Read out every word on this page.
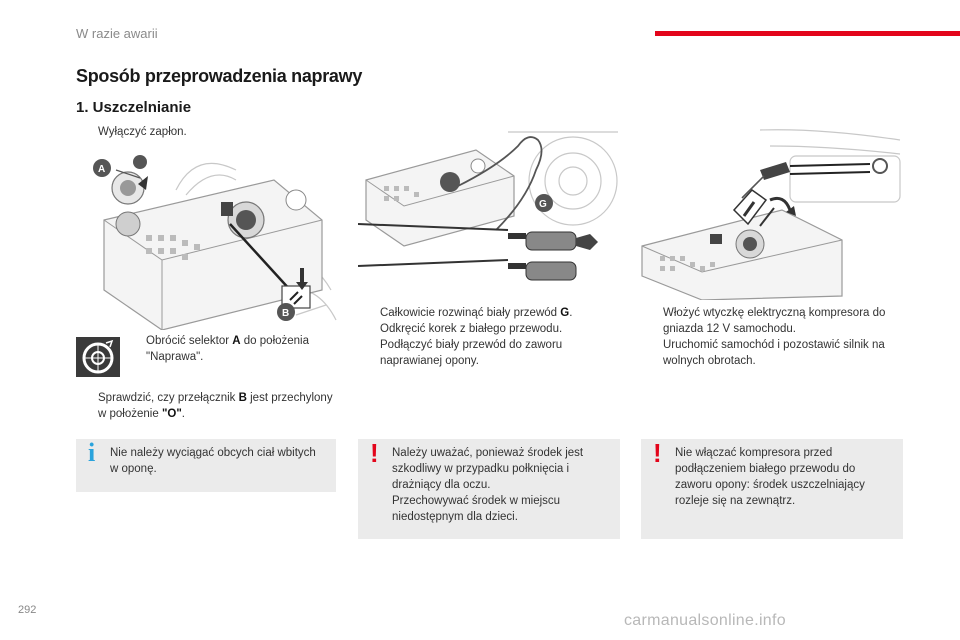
W razie awarii
Sposób przeprowadzenia naprawy
1. Uszczelnianie
Wyłączyć zapłon.
A
B
Obrócić selektor A do położenia "Naprawa".
Sprawdzić, czy przełącznik B jest przechylony w położenie "O".
i Nie należy wyciągać obcych ciał wbitych w oponę.
G
Całkowicie rozwinąć biały przewód G.
Odkręcić korek z białego przewodu.
Podłączyć biały przewód do zaworu naprawianej opony.
! Należy uważać, ponieważ środek jest szkodliwy w przypadku połknięcia i drażniący dla oczu.
Przechowywać środek w miejscu niedostępnym dla dzieci.
Włożyć wtyczkę elektryczną kompresora do gniazda 12 V samochodu.
Uruchomić samochód i pozostawić silnik na wolnych obrotach.
! Nie włączać kompresora przed podłączeniem białego przewodu do zaworu opony: środek uszczelniający rozleje się na zewnątrz.
292
carmanualsonline.info
